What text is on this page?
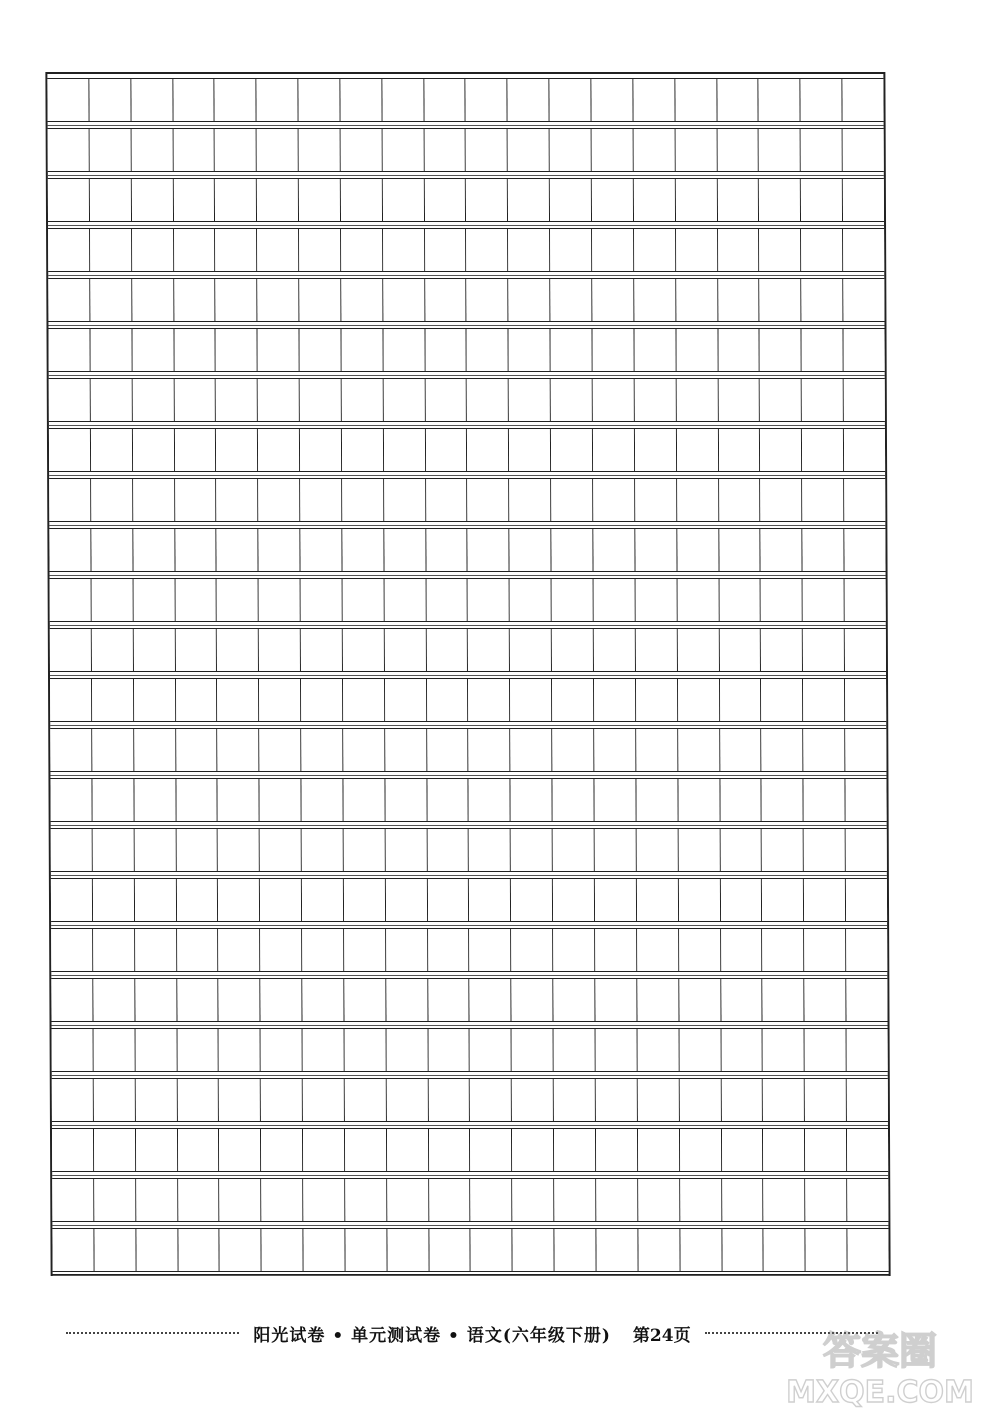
阳光试卷 • 单元测试卷 • 语文(六年级下册) 第24页	答案圈
MXQE.COM
